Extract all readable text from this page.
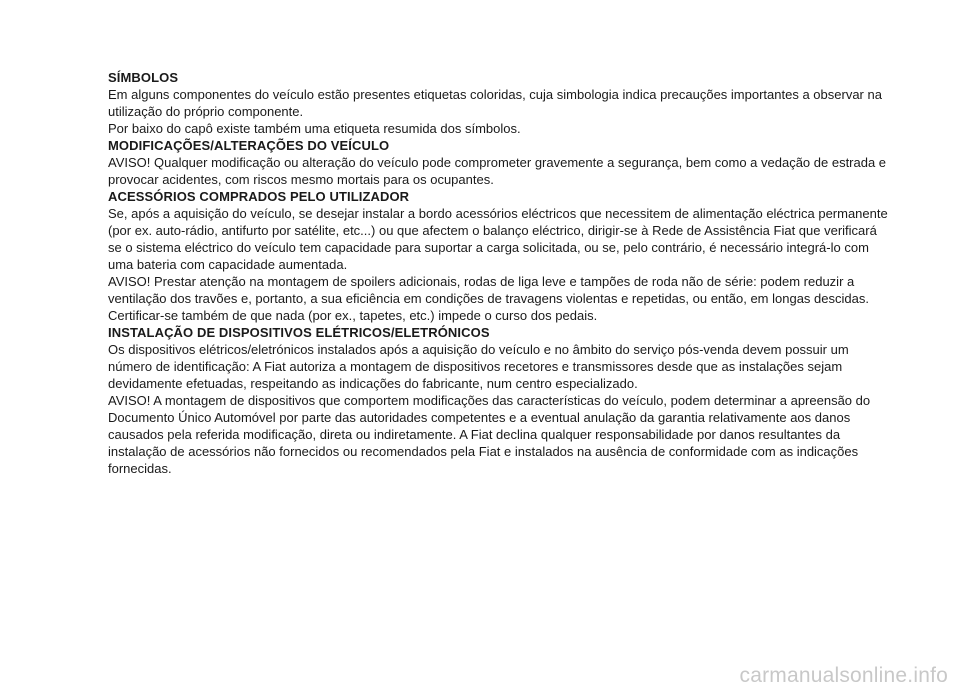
SÍMBOLOS

Em alguns componentes do veículo estão presentes etiquetas coloridas, cuja simbologia indica precauções importantes a observar na utilização do próprio componente.

Por baixo do capô existe também uma etiqueta resumida dos símbolos.

MODIFICAÇÕES/ALTERAÇÕES DO VEÍCULO

AVISO! Qualquer modificação ou alteração do veículo pode comprometer gravemente a segurança, bem como a vedação de estrada e provocar acidentes, com riscos mesmo mortais para os ocupantes.

ACESSÓRIOS COMPRADOS PELO UTILIZADOR

Se, após a aquisição do veículo, se desejar instalar a bordo acessórios eléctricos que necessitem de alimentação eléctrica permanente (por ex. auto-rádio, antifurto por satélite, etc...) ou que afectem o balanço eléctrico, dirigir-se à Rede de Assistência Fiat que verificará se o sistema eléctrico do veículo tem capacidade para suportar a carga solicitada, ou se, pelo contrário, é necessário integrá-lo com uma bateria com capacidade aumentada.

AVISO! Prestar atenção na montagem de spoilers adicionais, rodas de liga leve e tampões de roda não de série: podem reduzir a ventilação dos travões e, portanto, a sua eficiência em condições de travagens violentas e repetidas, ou então, em longas descidas. Certificar-se também de que nada (por ex., tapetes, etc.) impede o curso dos pedais.

INSTALAÇÃO DE DISPOSITIVOS ELÉTRICOS/ELETRÓNICOS

Os dispositivos elétricos/eletrónicos instalados após a aquisição do veículo e no âmbito do serviço pós-venda devem possuir um número de identificação: A Fiat autoriza a montagem de dispositivos recetores e transmissores desde que as instalações sejam devidamente efetuadas, respeitando as indicações do fabricante, num centro especializado.

AVISO! A montagem de dispositivos que comportem modificações das características do veículo, podem determinar a apreensão do Documento Único Automóvel por parte das autoridades competentes e a eventual anulação da garantia relativamente aos danos causados pela referida modificação, direta ou indiretamente. A Fiat declina qualquer responsabilidade por danos resultantes da instalação de acessórios não fornecidos ou recomendados pela Fiat e instalados na ausência de conformidade com as indicações fornecidas.

carmanualsonline.info
